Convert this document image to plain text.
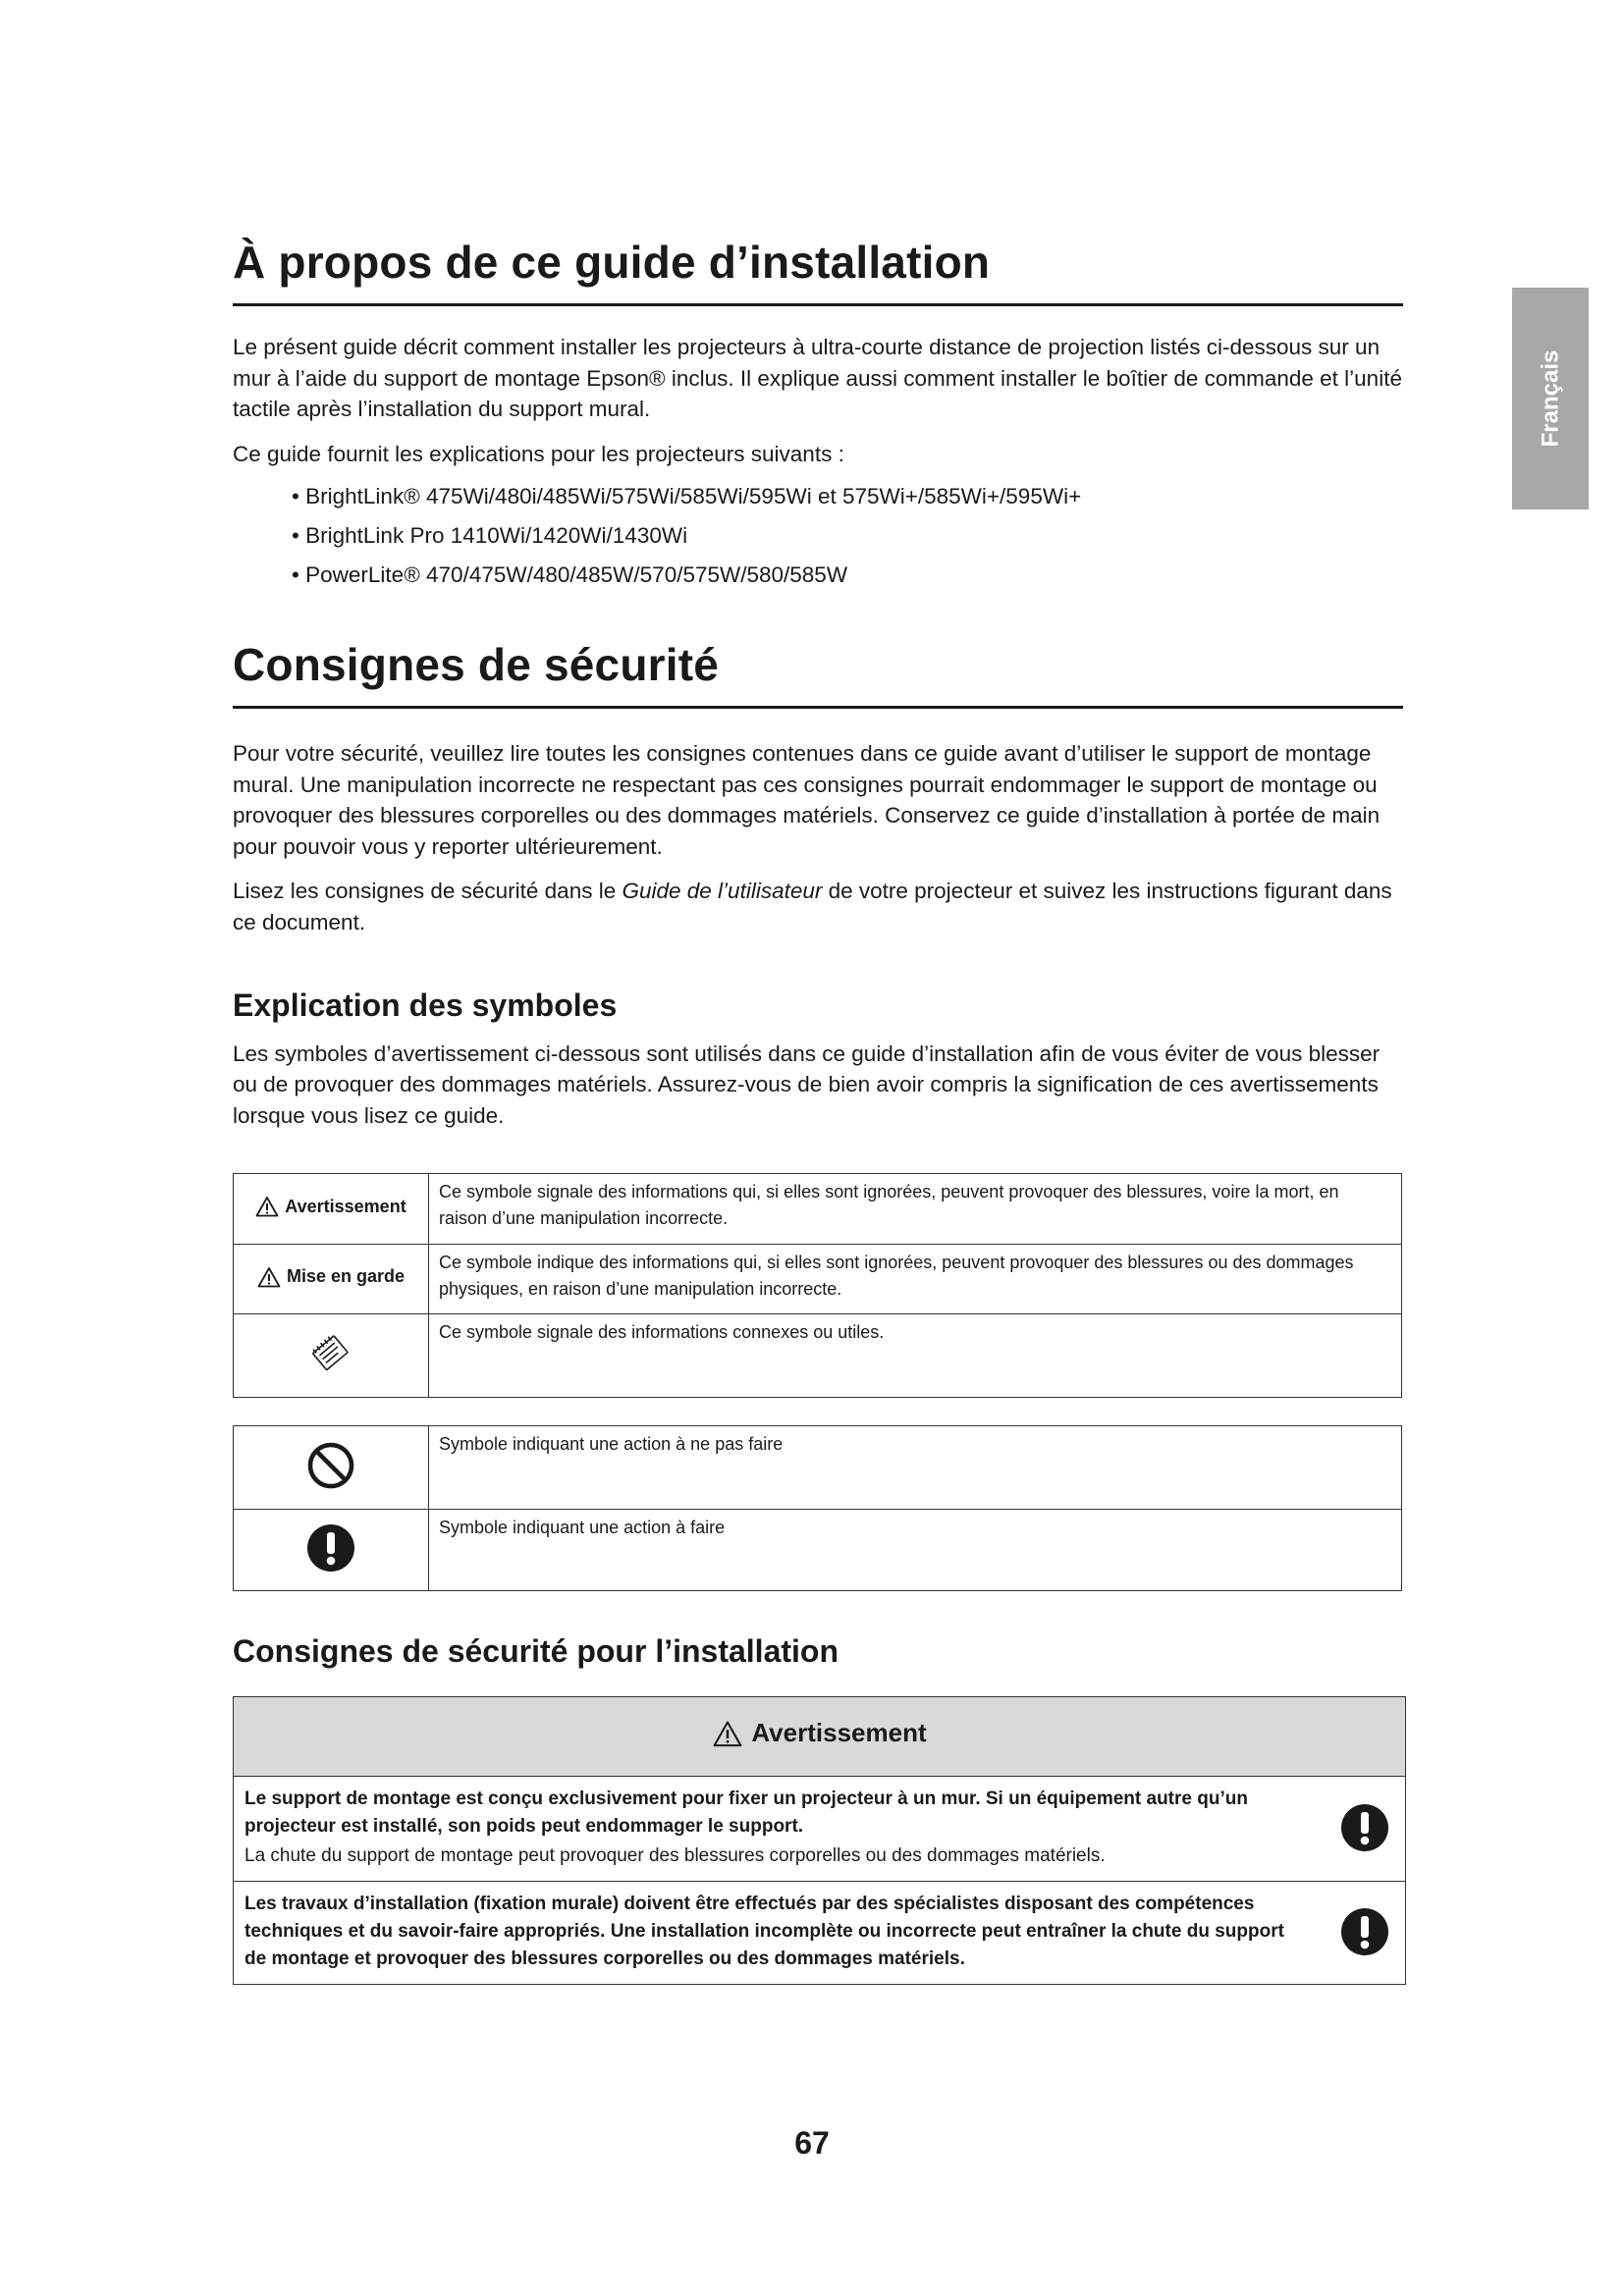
Français
À propos de ce guide d’installation

Le présent guide décrit comment installer les projecteurs à ultra-courte distance de projection listés ci-dessous sur un mur à l’aide du support de montage Epson® inclus. Il explique aussi comment installer le boîtier de commande et l’unité tactile après l’installation du support mural.

Ce guide fournit les explications pour les projecteurs suivants :

• BrightLink® 475Wi/480i/485Wi/575Wi/585Wi/595Wi et 575Wi+/585Wi+/595Wi+
• BrightLink Pro 1410Wi/1420Wi/1430Wi
• PowerLite® 470/475W/480/485W/570/575W/580/585W
Consignes de sécurité

Pour votre sécurité, veuillez lire toutes les consignes contenues dans ce guide avant d’utiliser le support de montage mural. Une manipulation incorrecte ne respectant pas ces consignes pourrait endommager le support de montage ou provoquer des blessures corporelles ou des dommages matériels. Conservez ce guide d’installation à portée de main pour pouvoir vous y reporter ultérieurement.

Lisez les consignes de sécurité dans le Guide de l’utilisateur de votre projecteur et suivez les instructions figurant dans ce document.

Explication des symboles

Les symboles d’avertissement ci-dessous sont utilisés dans ce guide d’installation afin de vous éviter de vous blesser ou de provoquer des dommages matériels. Assurez-vous de bien avoir compris la signification de ces avertissements lorsque vous lisez ce guide.

Avertissement	Ce symbole signale des informations qui, si elles sont ignorées, peuvent provoquer des blessures, voire la mort, en raison d’une manipulation incorrecte.

Mise en garde	Ce symbole indique des informations qui, si elles sont ignorées, peuvent provoquer des blessures ou des dommages physiques, en raison d’une manipulation incorrecte.
	Ce symbole signale des informations connexes ou utiles.
	Symbole indiquant une action à ne pas faire
	Symbole indiquant une action à faire
Consignes de sécurité pour l’installation
Avertissement

Le support de montage est conçu exclusivement pour fixer un projecteur à un mur. Si un équipement autre qu’un projecteur est installé, son poids peut endommager le support.
La chute du support de montage peut provoquer des blessures corporelles ou des dommages matériels.

Les travaux d’installation (fixation murale) doivent être effectués par des spécialistes disposant des compétences techniques et du savoir-faire appropriés. Une installation incomplète ou incorrecte peut entraîner la chute du support de montage et provoquer des blessures corporelles ou des dommages matériels.
67
